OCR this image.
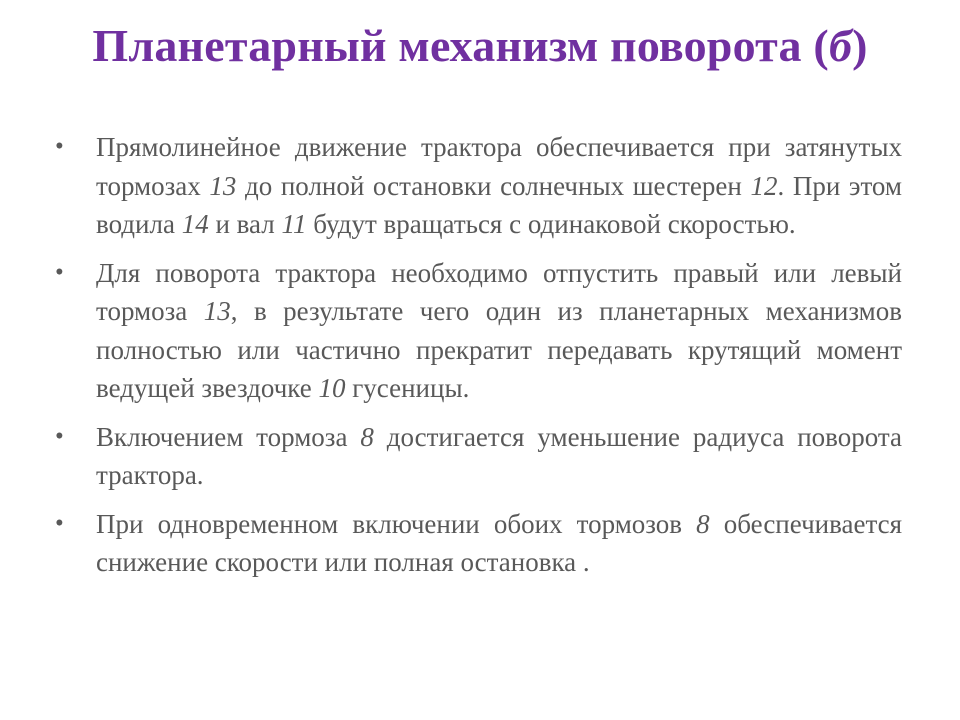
Планетарный механизм поворота (б)
• Прямолинейное движение трактора обеспечивается при затянутых тормозах 13 до полной остановки солнечных шестерен 12. При этом водила 14 и вал 11 будут вращаться с одинаковой скоростью.
• Для поворота трактора необходимо отпустить правый или левый тормоза 13, в результате чего один из планетарных механизмов полностью или частично прекратит передавать крутящий момент ведущей звездочке 10 гусеницы.
• Включением тормоза 8 достигается уменьшение радиуса поворота трактора.
• При одновременном включении обоих тормозов 8 обеспечивается снижение скорости или полная остановка .
